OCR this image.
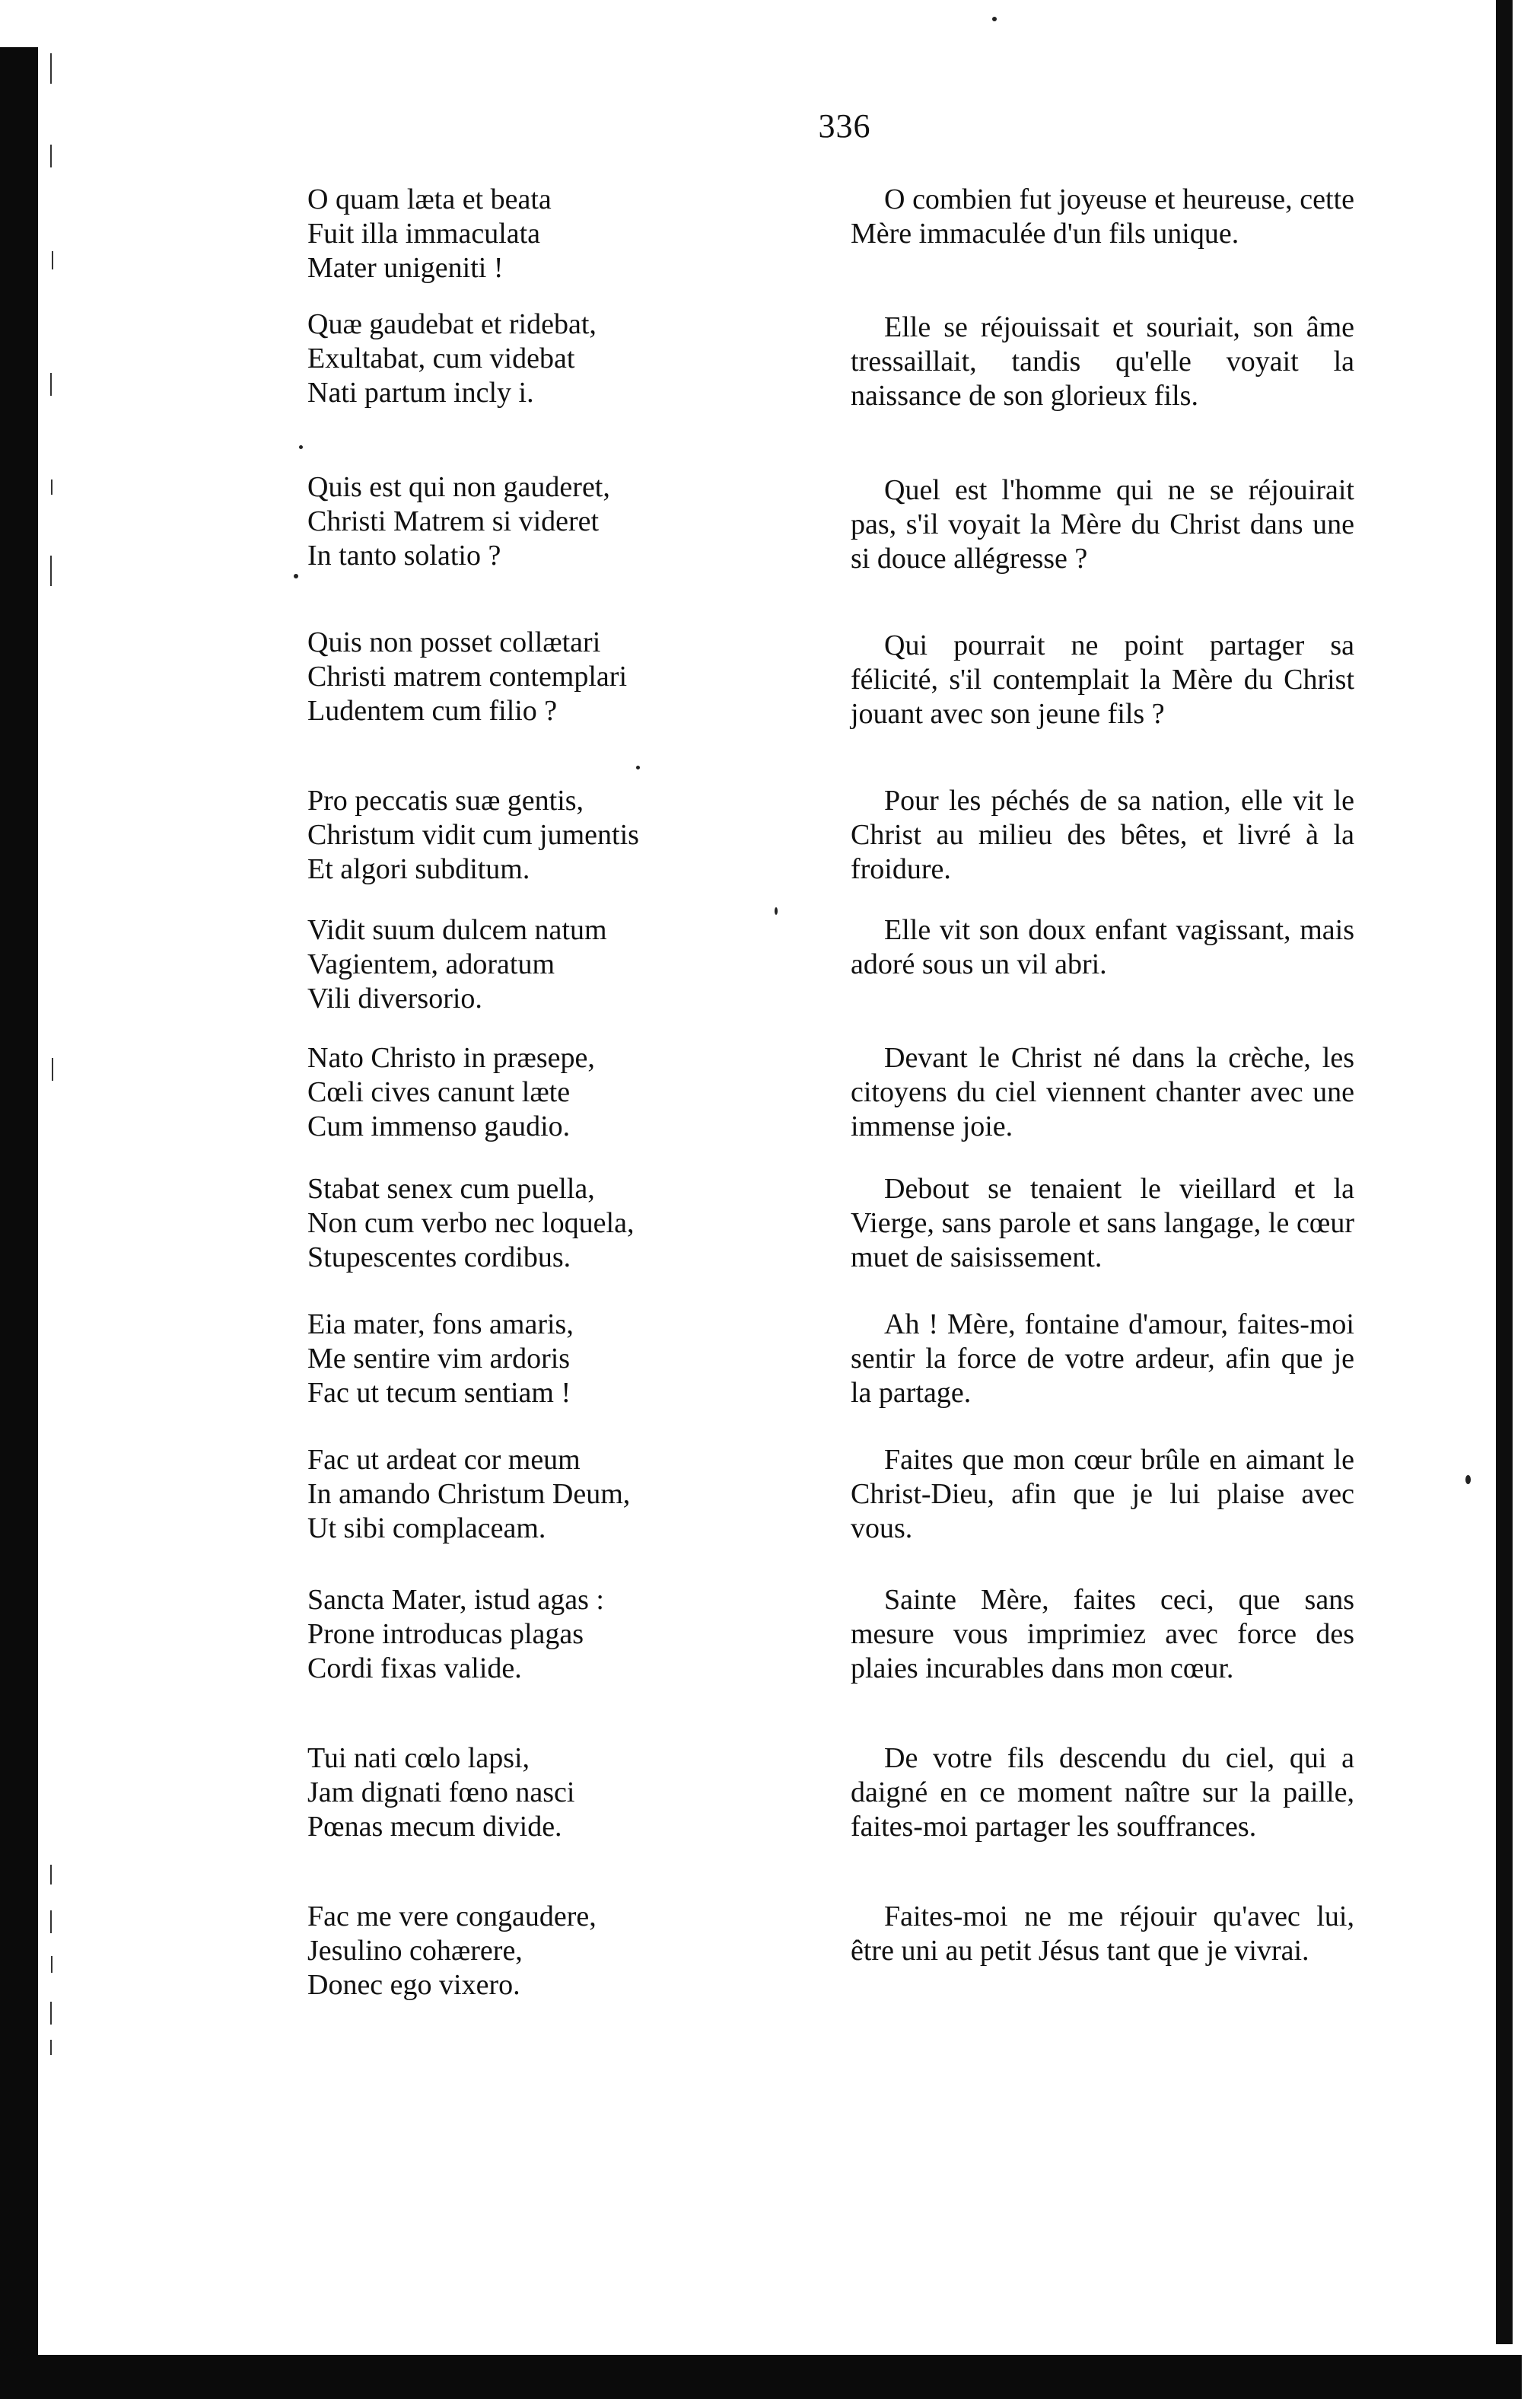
336
O quam læta et beata
Fuit illa immaculata
Mater unigeniti !
Quæ gaudebat et ridebat,
Exultabat, cum videbat
Nati partum incly i.
Quis est qui non gauderet,
Christi Matrem si videret
In tanto solatio ?
Quis non posset collætari
Christi matrem contemplari
Ludentem cum filio ?
Pro peccatis suæ gentis,
Christum vidit cum jumentis
Et algori subditum.
Vidit suum dulcem natum
Vagientem, adoratum
Vili diversorio.
Nato Christo in præsepe,
Cœli cives canunt læte
Cum immenso gaudio.
Stabat senex cum puella,
Non cum verbo nec loquela,
Stupescentes cordibus.
Eia mater, fons amaris,
Me sentire vim ardoris
Fac ut tecum sentiam !
Fac ut ardeat cor meum
In amando Christum Deum,
Ut sibi complaceam.
Sancta Mater, istud agas :
Prone introducas plagas
Cordi fixas valide.
Tui nati cœlo lapsi,
Jam dignati fœno nasci
Pœnas mecum divide.
Fac me vere congaudere,
Jesulino cohærere,
Donec ego vixero.
O combien fut joyeuse et heureuse, cette Mère immaculée d'un fils unique.
Elle se réjouissait et souriait, son âme tressaillait, tandis qu'elle voyait la naissance de son glorieux fils.
Quel est l'homme qui ne se réjouirait pas, s'il voyait la Mère du Christ dans une si douce allégresse ?
Qui pourrait ne point partager sa félicité, s'il contemplait la Mère du Christ jouant avec son jeune fils ?
Pour les péchés de sa nation, elle vit le Christ au milieu des bêtes, et livré à la froidure.
Elle vit son doux enfant vagissant, mais adoré sous un vil abri.
Devant le Christ né dans la crèche, les citoyens du ciel viennent chanter avec une immense joie.
Debout se tenaient le vieillard et la Vierge, sans parole et sans langage, le cœur muet de saisissement.
Ah ! Mère, fontaine d'amour, faites-moi sentir la force de votre ardeur, afin que je la partage.
Faites que mon cœur brûle en aimant le Christ-Dieu, afin que je lui plaise avec vous.
Sainte Mère, faites ceci, que sans mesure vous imprimiez avec force des plaies incurables dans mon cœur.
De votre fils descendu du ciel, qui a daigné en ce moment naître sur la paille, faites-moi partager les souffrances.
Faites-moi ne me réjouir qu'avec lui, être uni au petit Jésus tant que je vivrai.
